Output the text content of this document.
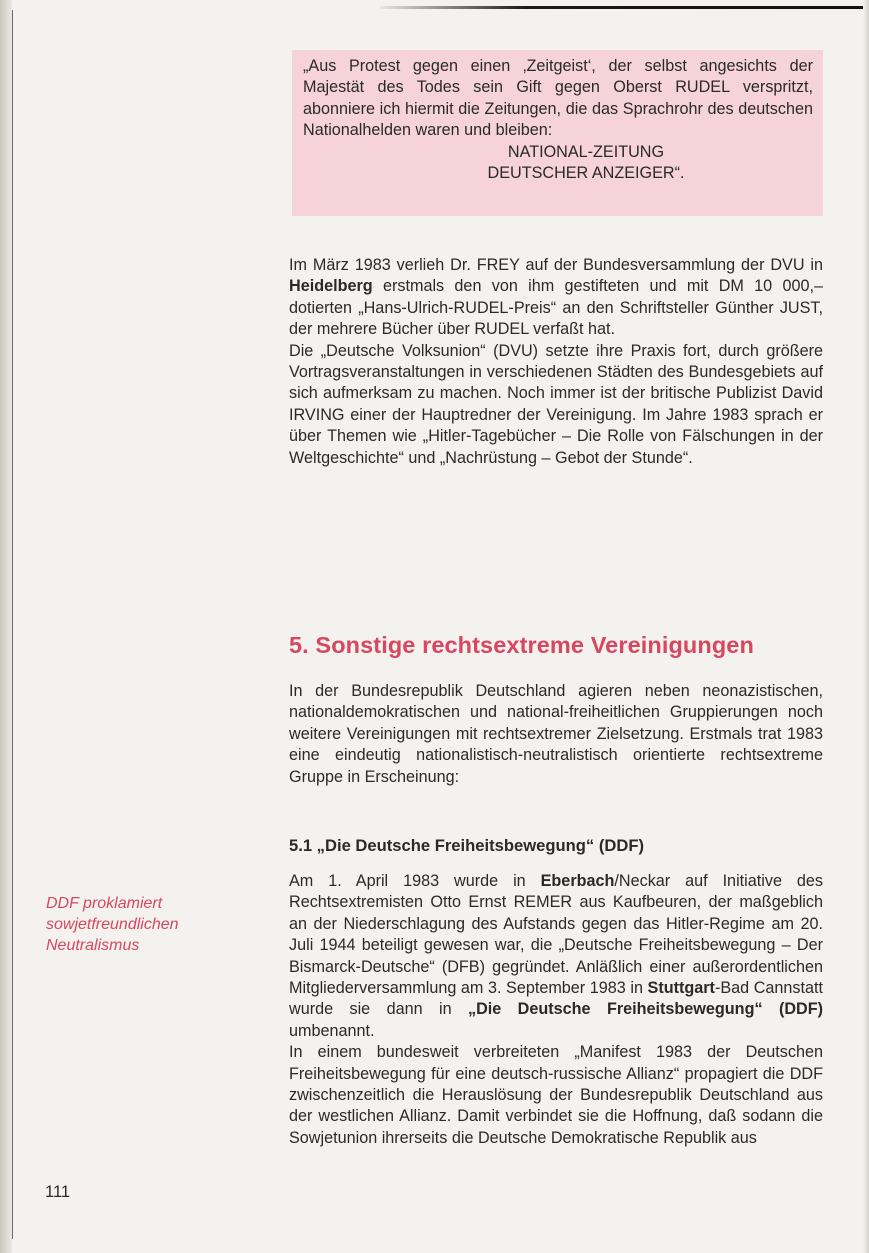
„Aus Protest gegen einen ‚Zeitgeist‘, der selbst angesichts der Majestät des Todes sein Gift gegen Oberst RUDEL verspritzt, abonniere ich hiermit die Zeitungen, die das Sprachrohr des deutschen Nationalhelden waren und bleiben:

NATIONAL-ZEITUNG

DEUTSCHER ANZEIGER“.

Im März 1983 verlieh Dr. FREY auf der Bundesversammlung der DVU in Heidelberg erstmals den von ihm gestifteten und mit DM 10 000,– dotierten „Hans-Ulrich-RUDEL-Preis“ an den Schriftsteller Günther JUST, der mehrere Bücher über RUDEL verfaßt hat.

Die „Deutsche Volksunion“ (DVU) setzte ihre Praxis fort, durch größere Vortragsveranstaltungen in verschiedenen Städten des Bundesgebiets auf sich aufmerksam zu machen. Noch immer ist der britische Publizist David IRVING einer der Hauptredner der Vereinigung. Im Jahre 1983 sprach er über Themen wie „Hitler-Tagebücher – Die Rolle von Fälschungen in der Weltgeschichte“ und „Nachrüstung – Gebot der Stunde“.

5. Sonstige rechtsextreme Vereinigungen
In der Bundesrepublik Deutschland agieren neben neonazistischen, nationaldemokratischen und national-freiheitlichen Gruppierungen noch weitere Vereinigungen mit rechtsextremer Zielsetzung. Erstmals trat 1983 eine eindeutig nationalistisch-neutralistisch orientierte rechtsextreme Gruppe in Erscheinung:
5.1 „Die Deutsche Freiheitsbewegung“ (DDF)

Am 1. April 1983 wurde in Eberbach/Neckar auf Initiative des Rechtsextremisten Otto Ernst REMER aus Kaufbeuren, der maßgeblich an der Niederschlagung des Aufstands gegen das Hitler-Regime am 20. Juli 1944 beteiligt gewesen war, die „Deutsche Freiheitsbewegung – Der Bismarck-Deutsche“ (DFB) gegründet. Anläßlich einer außerordentlichen Mitgliederversammlung am 3. September 1983 in Stuttgart-Bad Cannstatt wurde sie dann in „Die Deutsche Freiheitsbewegung“ (DDF) umbenannt.

In einem bundesweit verbreiteten „Manifest 1983 der Deutschen Freiheitsbewegung für eine deutsch-russische Allianz“ propagiert die DDF zwischenzeitlich die Herauslösung der Bundesrepublik Deutschland aus der westlichen Allianz. Damit verbindet sie die Hoffnung, daß sodann die Sowjetunion ihrerseits die Deutsche Demokratische Republik aus

DDF proklamiert sowjetfreundlichen Neutralismus
111
